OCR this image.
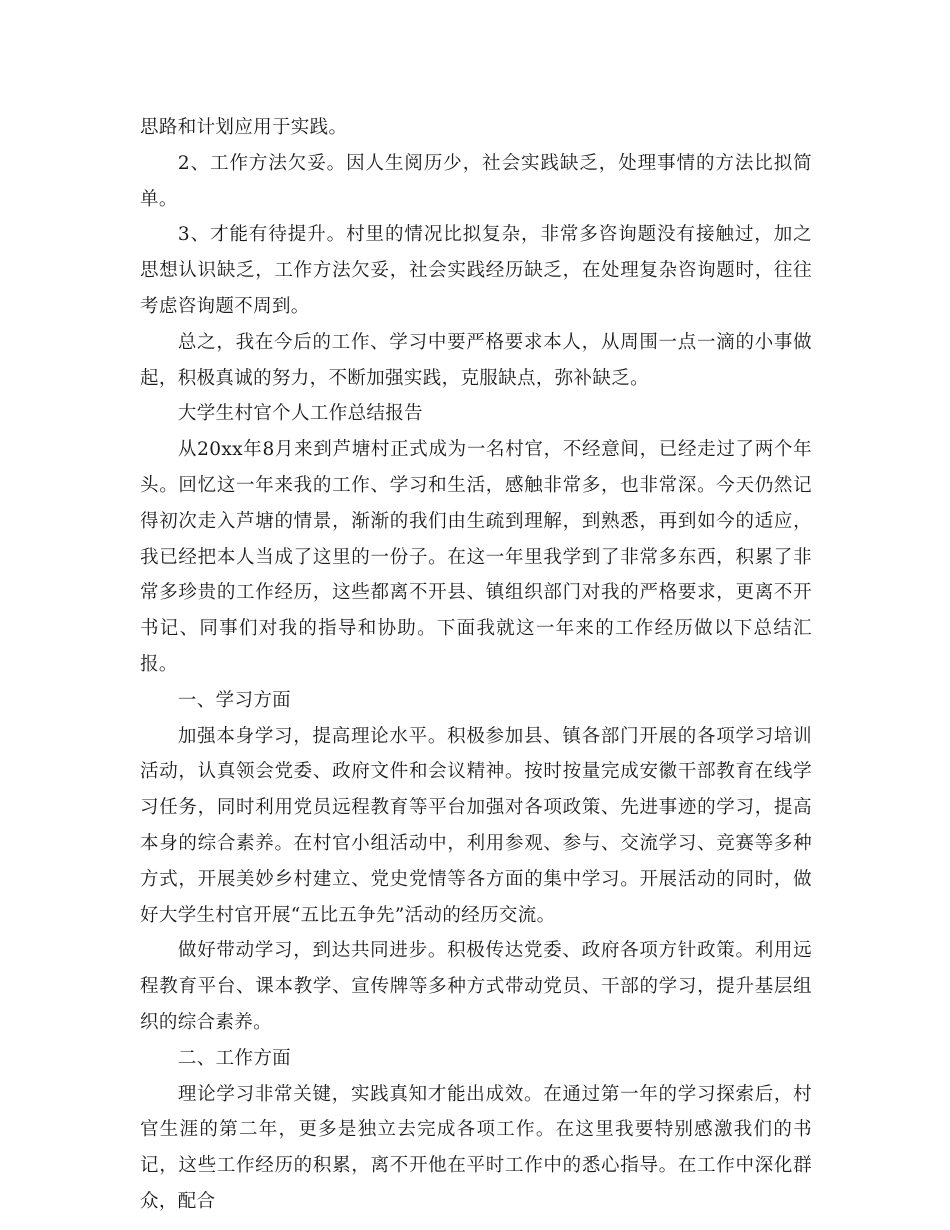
思路和计划应用于实践。

2、工作方法欠妥。因人生阅历少，社会实践缺乏，处理事情的方法比拟简单。

3、才能有待提升。村里的情况比拟复杂，非常多咨询题没有接触过，加之思想认识缺乏，工作方法欠妥，社会实践经历缺乏，在处理复杂咨询题时，往往考虑咨询题不周到。

总之，我在今后的工作、学习中要严格要求本人，从周围一点一滴的小事做起，积极真诚的努力，不断加强实践，克服缺点，弥补缺乏。

大学生村官个人工作总结报告

从20xx年8月来到芦塘村正式成为一名村官，不经意间，已经走过了两个年头。回忆这一年来我的工作、学习和生活，感触非常多，也非常深。今天仍然记得初次走入芦塘的情景，渐渐的我们由生疏到理解，到熟悉，再到如今的适应，我已经把本人当成了这里的一份子。在这一年里我学到了非常多东西，积累了非常多珍贵的工作经历，这些都离不开县、镇组织部门对我的严格要求，更离不开书记、同事们对我的指导和协助。下面我就这一年来的工作经历做以下总结汇报。

一、学习方面

加强本身学习，提高理论水平。积极参加县、镇各部门开展的各项学习培训活动，认真领会党委、政府文件和会议精神。按时按量完成安徽干部教育在线学习任务，同时利用党员远程教育等平台加强对各项政策、先进事迹的学习，提高本身的综合素养。在村官小组活动中，利用参观、参与、交流学习、竞赛等多种方式，开展美妙乡村建立、党史党情等各方面的集中学习。开展活动的同时，做好大学生村官开展“五比五争先”活动的经历交流。

做好带动学习，到达共同进步。积极传达党委、政府各项方针政策。利用远程教育平台、课本教学、宣传牌等多种方式带动党员、干部的学习，提升基层组织的综合素养。

二、工作方面

理论学习非常关键，实践真知才能出成效。在通过第一年的学习探索后，村官生涯的第二年，更多是独立去完成各项工作。在这里我要特别感激我们的书记，这些工作经历的积累，离不开他在平时工作中的悉心指导。在工作中深化群众，配合
